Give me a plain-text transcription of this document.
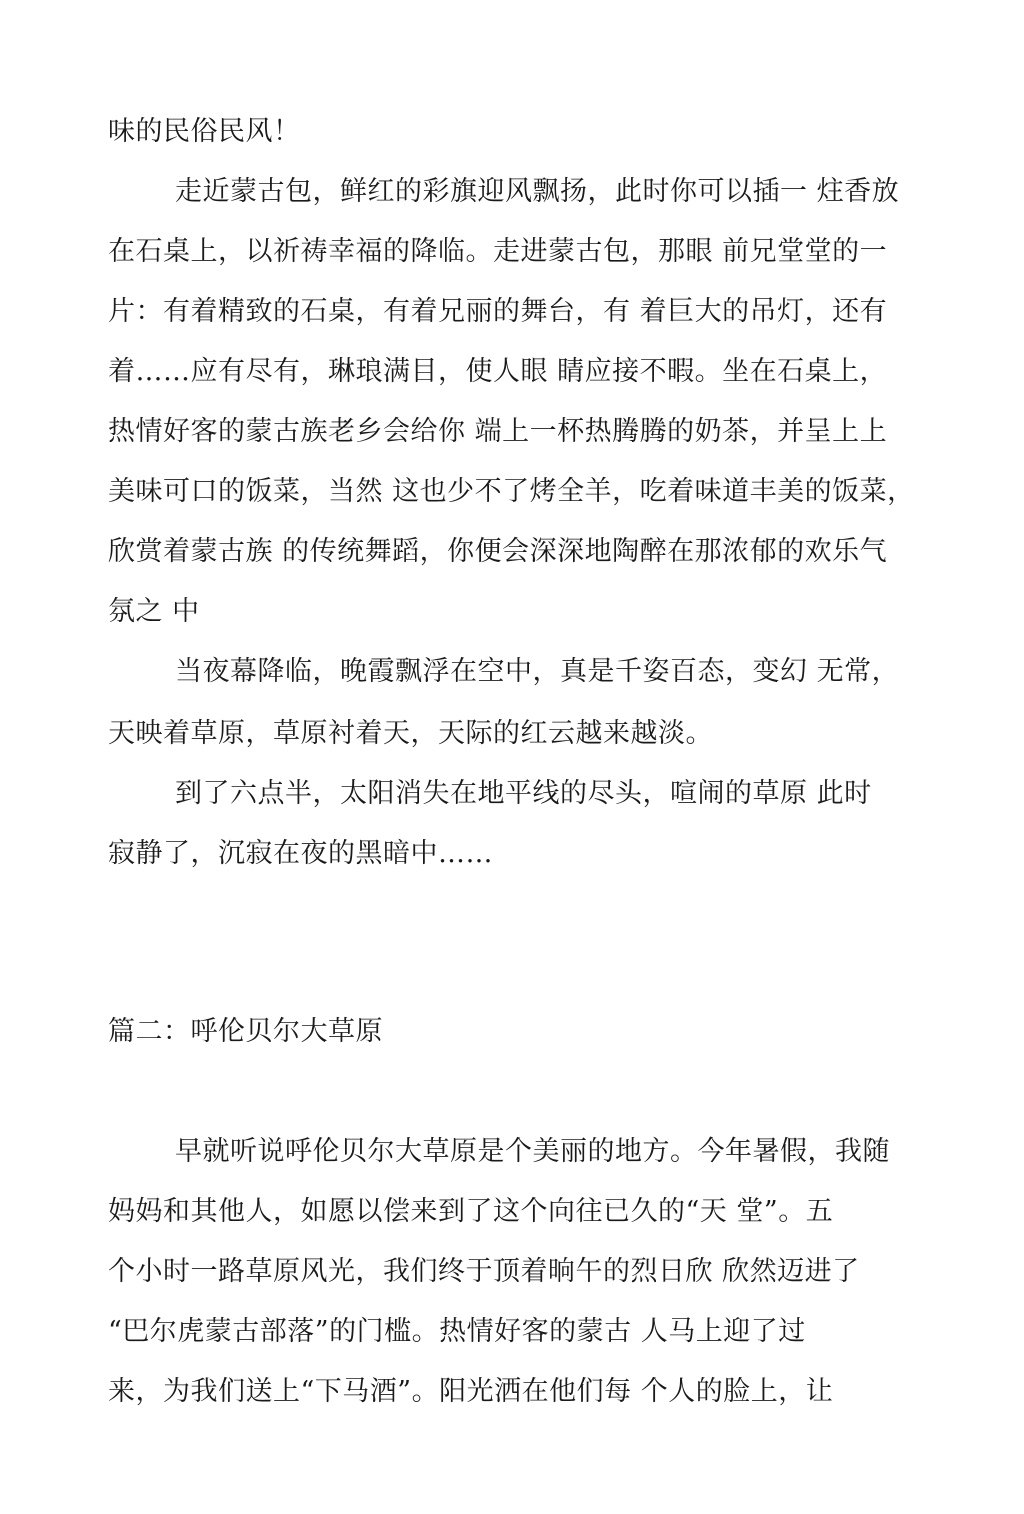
味的民俗民风！
走近蒙古包，鲜红的彩旗迎风飘扬，此时你可以插一 炷香放
在石桌上，以祈祷幸福的降临。走进蒙古包，那眼 前兄堂堂的一
片：有着精致的石桌，有着兄丽的舞台，有 着巨大的吊灯，还有
着……应有尽有，琳琅满目，使人眼 睛应接不暇。坐在石桌上，
热情好客的蒙古族老乡会给你 端上一杯热腾腾的奶茶，并呈上上
美味可口的饭菜，当然 这也少不了烤全羊，吃着味道丰美的饭菜，
欣赏着蒙古族 的传统舞蹈，你便会深深地陶醉在那浓郁的欢乐气
氛之 中
当夜幕降临，晚霞飘浮在空中，真是千姿百态，变幻 无常，
天映着草原，草原衬着天，天际的红云越来越淡。
到了六点半，太阳消失在地平线的尽头，喧闹的草原 此时
寂静了，沉寂在夜的黑暗中……
篇二：呼伦贝尔大草原
早就听说呼伦贝尔大草原是个美丽的地方。今年暑假，我随
妈妈和其他人，如愿以偿来到了这个向往已久的“天 堂”。五
个小时一路草原风光，我们终于顶着晌午的烈日欣 欣然迈进了
“巴尔虎蒙古部落”的门槛。热情好客的蒙古 人马上迎了过
来，为我们送上“下马酒”。阳光洒在他们每 个人的脸上，让
